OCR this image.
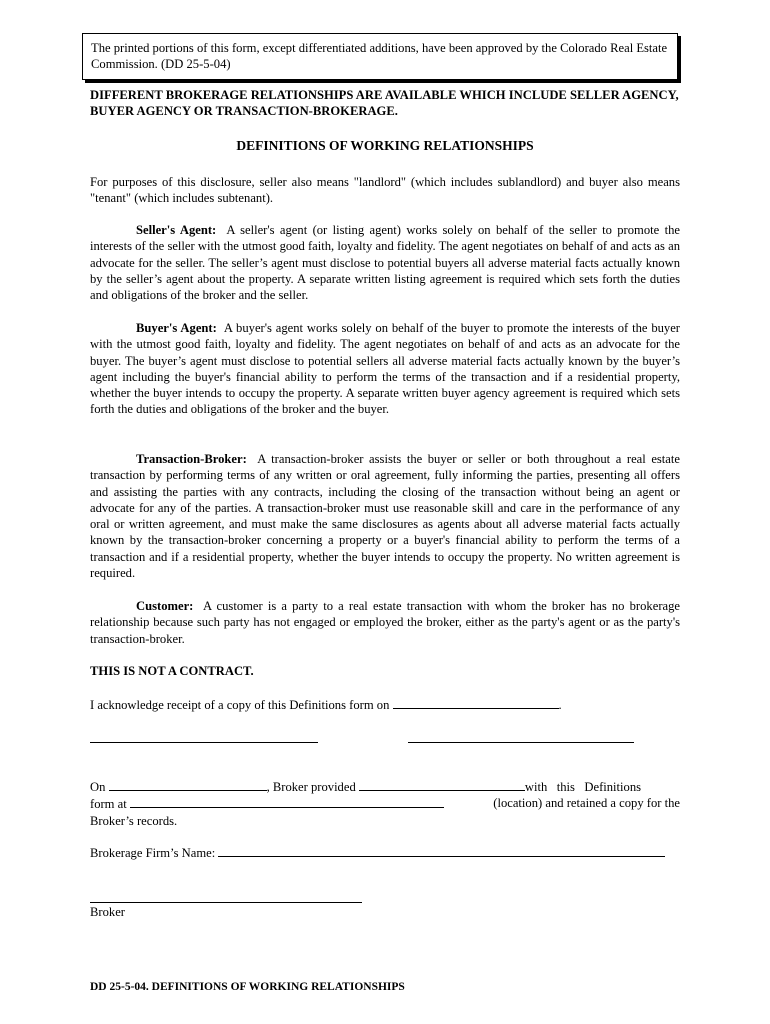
The printed portions of this form, except differentiated additions, have been approved by the Colorado Real Estate Commission. (DD 25-5-04)

DIFFERENT BROKERAGE RELATIONSHIPS ARE AVAILABLE WHICH INCLUDE SELLER AGENCY, BUYER AGENCY OR TRANSACTION-BROKERAGE.

DEFINITIONS OF WORKING RELATIONSHIPS

For purposes of this disclosure, seller also means "landlord" (which includes sublandlord) and buyer also means "tenant" (which includes subtenant).

Seller's Agent: A seller's agent (or listing agent) works solely on behalf of the seller to promote the interests of the seller with the utmost good faith, loyalty and fidelity. The agent negotiates on behalf of and acts as an advocate for the seller. The seller’s agent must disclose to potential buyers all adverse material facts actually known by the seller’s agent about the property. A separate written listing agreement is required which sets forth the duties and obligations of the broker and the seller.

Buyer's Agent: A buyer's agent works solely on behalf of the buyer to promote the interests of the buyer with the utmost good faith, loyalty and fidelity. The agent negotiates on behalf of and acts as an advocate for the buyer. The buyer’s agent must disclose to potential sellers all adverse material facts actually known by the buyer’s agent including the buyer's financial ability to perform the terms of the transaction and if a residential property, whether the buyer intends to occupy the property. A separate written buyer agency agreement is required which sets forth the duties and obligations of the broker and the buyer.

Transaction-Broker: A transaction-broker assists the buyer or seller or both throughout a real estate transaction by performing terms of any written or oral agreement, fully informing the parties, presenting all offers and assisting the parties with any contracts, including the closing of the transaction without being an agent or advocate for any of the parties. A transaction-broker must use reasonable skill and care in the performance of any oral or written agreement, and must make the same disclosures as agents about all adverse material facts actually known by the transaction-broker concerning a property or a buyer's financial ability to perform the terms of a transaction and if a residential property, whether the buyer intends to occupy the property. No written agreement is required.

Customer: A customer is a party to a real estate transaction with whom the broker has no brokerage relationship because such party has not engaged or employed the broker, either as the party's agent or as the party's transaction-broker.

THIS IS NOT A CONTRACT.

I acknowledge receipt of a copy of this Definitions form on	.

On	, Broker provided	with   this   Definitions
form at	(location) and retained a copy for the
Broker’s records.

Brokerage Firm’s Name:

Broker

DD 25-5-04. DEFINITIONS OF WORKING RELATIONSHIPS
